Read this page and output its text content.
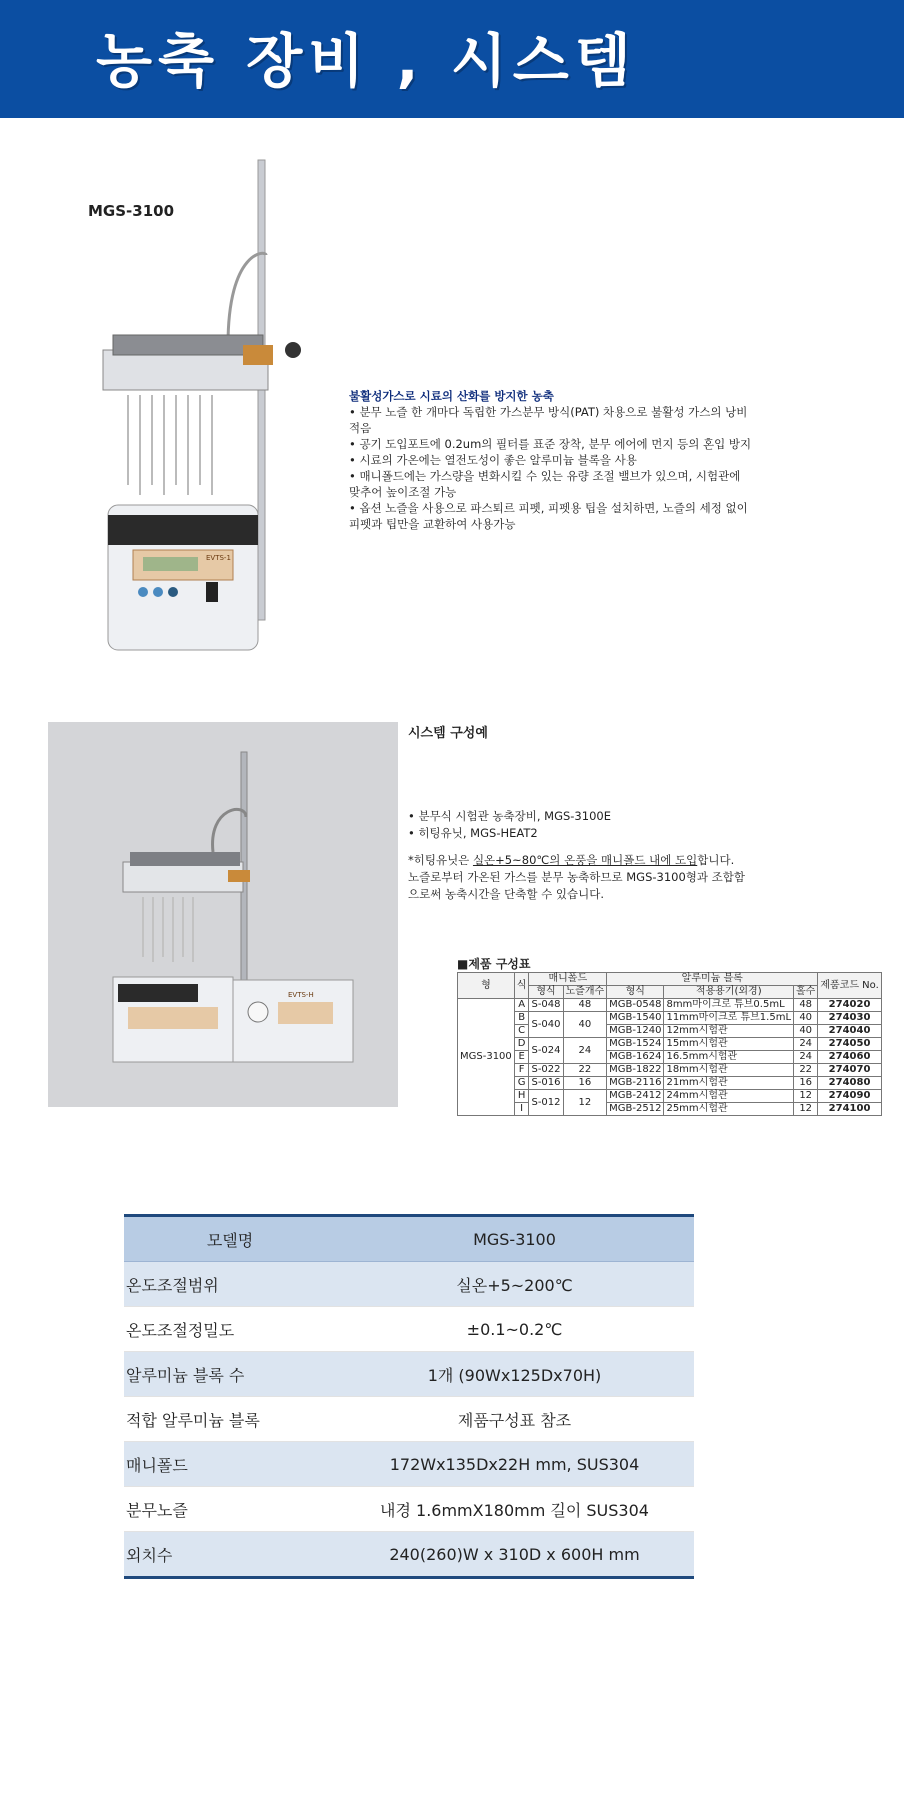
농축 장비 , 시스템
MGS-3100
EVTS-1
불활성가스로 시료의 산화를 방지한 농축

• 분무 노즐 한 개마다 독립한 가스분무 방식(PAT) 차용으로 불활성 가스의 낭비 적음

• 공기 도입포트에 0.2um의 필터를 표준 장착, 분무 에어에 먼지 등의 혼입 방지

• 시료의 가온에는 열전도성이 좋은 알루미늄 블록을 사용

• 매니폴드에는 가스량을 변화시킬 수 있는 유량 조절 밸브가 있으며, 시험관에 맞추어 높이조절 가능

• 옵션 노즐을 사용으로 파스퇴르 피펫, 피펫용 팁을 설치하면, 노즐의 세정 없이 피펫과 팁만을 교환하여 사용가능

EVTS-H
시스템 구성예
• 분무식 시험관 농축장비, MGS-3100E
• 히팅유닛, MGS-HEAT2
*히팅유닛은 실온+5~80℃의 온풍을 매니폴드 내에 도입합니다. 노즐로부터 가온된 가스를 분무 농축하므로 MGS-3100형과 조합함으로써 농축시간을 단축할 수 있습니다.
■제품 구성표
형	식	매니폴드		알루미늄 블록			제품코드 No.
		형식	노즐개수	형식	적용용기(외경)	홀수	
MGS-3100	A	S-048	48	MGB-0548	8mm마이크로 튜브0.5mL	48	274020
	B	S-040	40	MGB-1540	11mm마이크로 튜브1.5mL	40	274030
	C			MGB-1240	12mm시험관	40	274040
	D	S-024	24	MGB-1524	15mm시험관	24	274050
	E			MGB-1624	16.5mm시험관	24	274060
	F	S-022	22	MGB-1822	18mm시험관	22	274070
	G	S-016	16	MGB-2116	21mm시험관	16	274080
	H	S-012	12	MGB-2412	24mm시험관	12	274090
	I			MGB-2512	25mm시험관	12	274100
모델명	MGS-3100
온도조절범위	실온+5~200℃
온도조절정밀도	±0.1~0.2℃
알루미늄 블록 수	1개 (90Wx125Dx70H)
적합 알루미늄 블록	제품구성표 참조
매니폴드	172Wx135Dx22H mm, SUS304
분무노즐	내경 1.6mmX180mm 길이 SUS304
외치수	240(260)W x 310D x 600H mm
